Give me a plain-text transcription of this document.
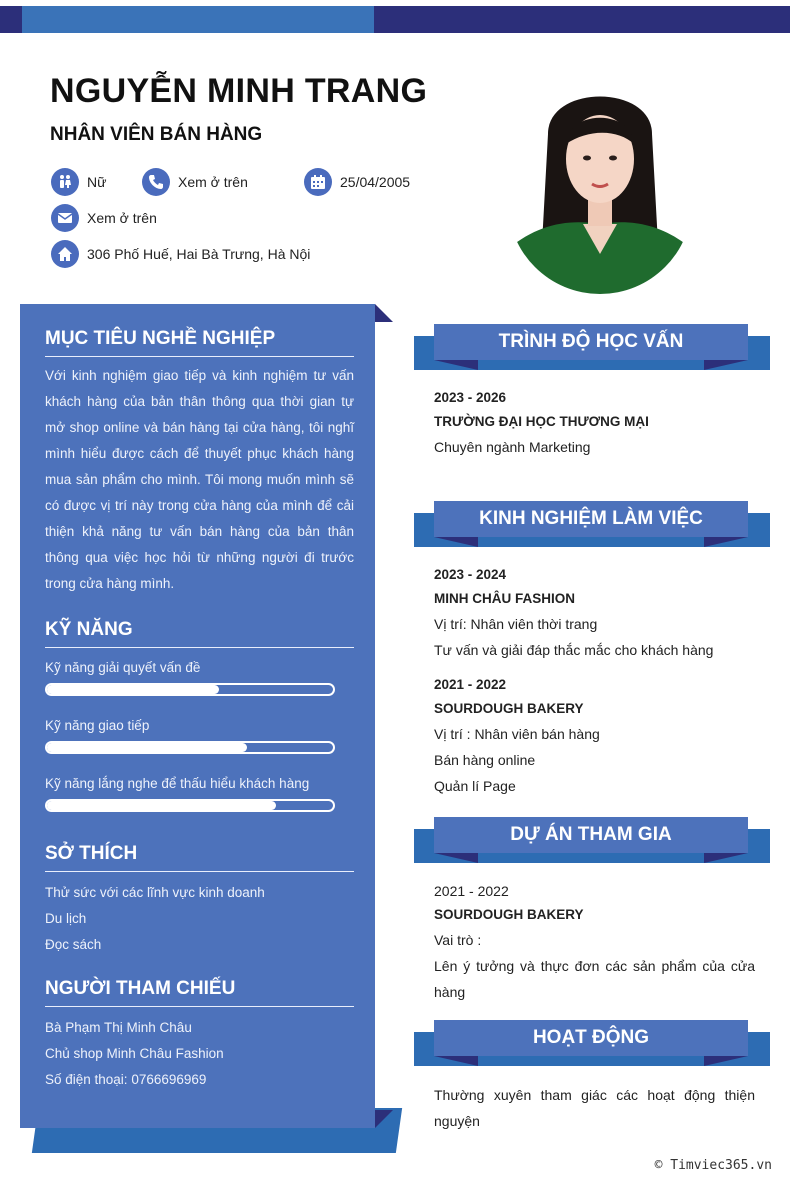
NGUYỄN MINH TRANG
NHÂN VIÊN BÁN HÀNG
Nữ	Xem ở trên	25/04/2005
Xem ở trên
306 Phố Huế, Hai Bà Trưng, Hà Nội
MỤC TIÊU NGHỀ NGHIỆP
Với kinh nghiệm giao tiếp và kinh nghiệm tư vấn khách hàng của bản thân thông qua thời gian tự mở shop online và bán hàng tại cửa hàng, tôi nghĩ mình hiểu được cách để thuyết phục khách hàng mua sản phẩm cho mình. Tôi mong muốn mình sẽ có được vị trí này trong cửa hàng của mình để cải thiện khả năng tư vấn bán hàng của bản thân thông qua việc học hỏi từ những người đi trước trong cửa hàng mình.
KỸ NĂNG
Kỹ năng giải quyết vấn đề
Kỹ năng giao tiếp
Kỹ năng lắng nghe để thấu hiểu khách hàng
SỞ THÍCH
Thử sức với các lĩnh vực kinh doanh
Du lịch
Đọc sách
NGƯỜI THAM CHIẾU
Bà Phạm Thị Minh Châu
Chủ shop Minh Châu Fashion
Số điện thoại: 0766696969
TRÌNH ĐỘ HỌC VẤN
2023 - 2026
TRƯỜNG ĐẠI HỌC THƯƠNG MẠI
Chuyên ngành Marketing
KINH NGHIỆM LÀM VIỆC
2023 - 2024
MINH CHÂU FASHION
Vị trí: Nhân viên thời trang
Tư vấn và giải đáp thắc mắc cho khách hàng
2021 - 2022
SOURDOUGH BAKERY
Vị trí : Nhân viên bán hàng
Bán hàng online
Quản lí Page
DỰ ÁN THAM GIA
2021 - 2022
SOURDOUGH BAKERY
Vai trò :
Lên ý tưởng và thực đơn các sản phẩm của cửa hàng
HOẠT ĐỘNG
Thường xuyên tham giác các hoạt động thiện nguyện
© Timviec365.vn
